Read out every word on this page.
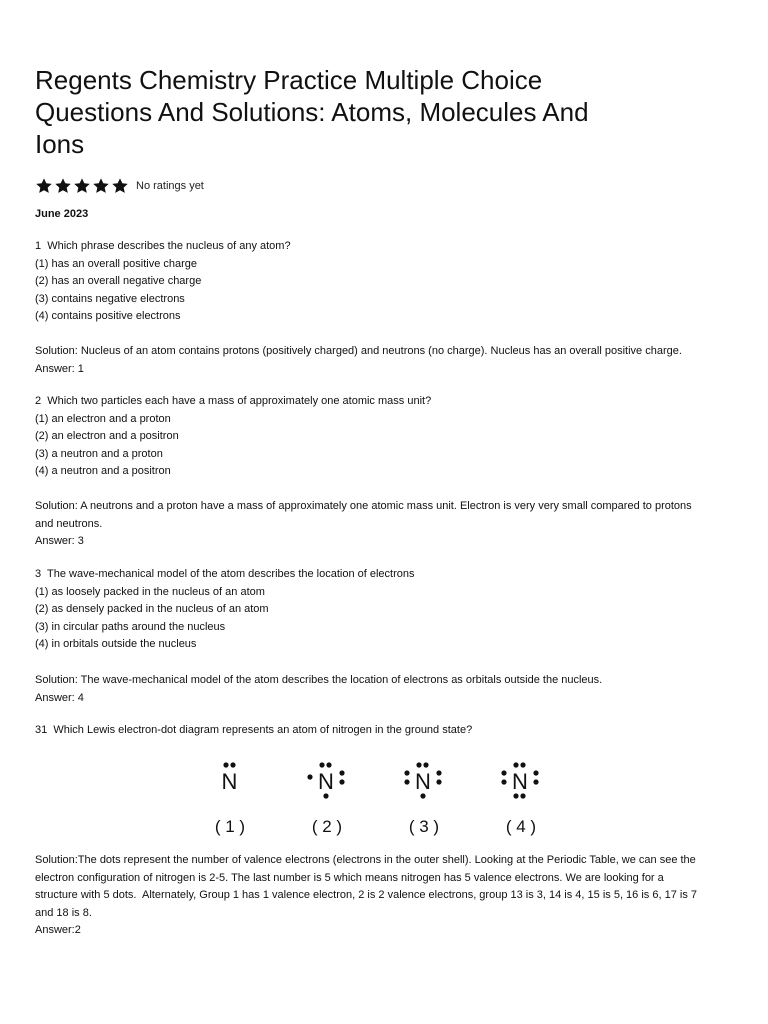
Regents Chemistry Practice Multiple Choice Questions And Solutions: Atoms, Molecules And Ions
No ratings yet
June 2023
1  Which phrase describes the nucleus of any atom?
(1) has an overall positive charge
(2) has an overall negative charge
(3) contains negative electrons
(4) contains positive electrons
Solution: Nucleus of an atom contains protons (positively charged) and neutrons (no charge). Nucleus has an overall positive charge.
Answer: 1
2  Which two particles each have a mass of approximately one atomic mass unit?
(1) an electron and a proton
(2) an electron and a positron
(3) a neutron and a proton
(4) a neutron and a positron
Solution: A neutrons and a proton have a mass of approximately one atomic mass unit. Electron is very very small compared to protons
and neutrons.
Answer: 3
3  The wave-mechanical model of the atom describes the location of electrons
(1) as loosely packed in the nucleus of an atom
(2) as densely packed in the nucleus of an atom
(3) in circular paths around the nucleus
(4) in orbitals outside the nucleus
Solution: The wave-mechanical model of the atom describes the location of electrons as orbitals outside the nucleus.
Answer: 4
31  Which Lewis electron-dot diagram represents an atom of nitrogen in the ground state?
N
( 1 )
N
( 2 )
N
( 3 )
N
( 4 )
Solution:The dots represent the number of valence electrons (electrons in the outer shell). Looking at the Periodic Table, we can see the
electron configuration of nitrogen is 2-5. The last number is 5 which means nitrogen has 5 valence electrons. We are looking for a
structure with 5 dots.  Alternately, Group 1 has 1 valence electron, 2 is 2 valence electrons, group 13 is 3, 14 is 4, 15 is 5, 16 is 6, 17 is 7
and 18 is 8.
Answer:2
